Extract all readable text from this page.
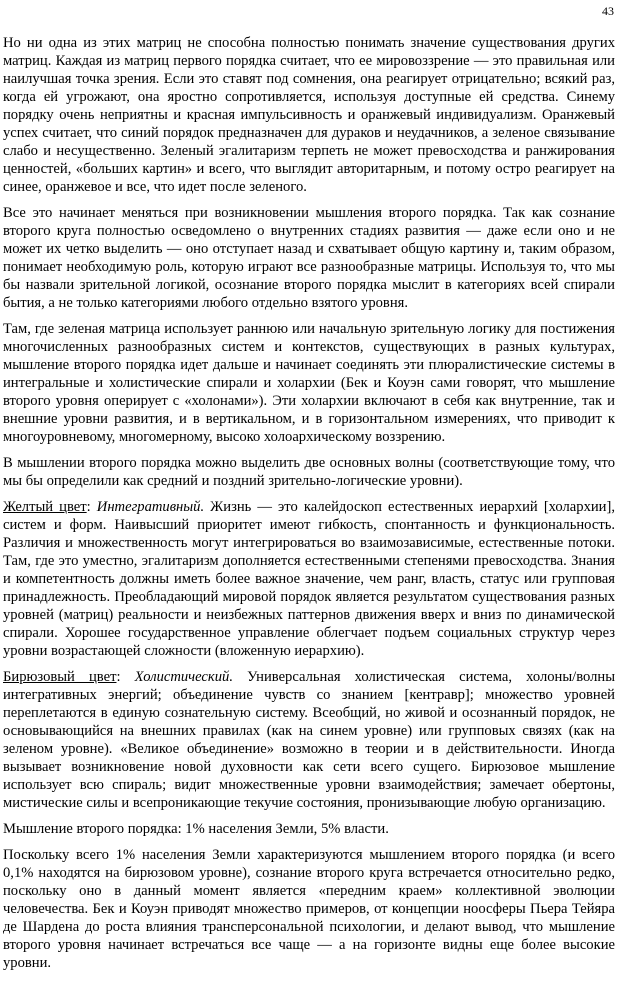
43

Но ни одна из этих матриц не способна полностью понимать значение существования других матриц. Каждая из матриц первого порядка считает, что ее мировоззрение — это правильная или наилучшая точка зрения. Если это ставят под сомнения, она реагирует отрицательно; всякий раз, когда ей угрожают, она яростно сопротивляется, используя доступные ей средства. Синему порядку очень неприятны и красная импульсивность и оранжевый индивидуализм. Оранжевый успех считает, что синий порядок предназначен для дураков и неудачников, а зеленое связывание слабо и несущественно. Зеленый эгалитаризм терпеть не может превосходства и ранжирования ценностей, «больших картин» и всего, что выглядит авторитарным, и потому остро реагирует на синее, оранжевое и все, что идет после зеленого.

Все это начинает меняться при возникновении мышления второго порядка. Так как сознание второго круга полностью осведомлено о внутренних стадиях развития — даже если оно и не может их четко выделить — оно отступает назад и схватывает общую картину и, таким образом, понимает необходимую роль, которую играют все разнообразные матрицы. Используя то, что мы бы назвали зрительной логикой, осознание второго порядка мыслит в категориях всей спирали бытия, а не только категориями любого отдельно взятого уровня.

Там, где зеленая матрица использует раннюю или начальную зрительную логику для постижения многочисленных разнообразных систем и контекстов, существующих в разных культурах, мышление второго порядка идет дальше и начинает соединять эти плюралистические системы в интегральные и холистические спирали и холархии (Бек и Коуэн сами говорят, что мышление второго уровня оперирует с «холонами»). Эти холархии включают в себя как внутренние, так и внешние уровни развития, и в вертикальном, и в горизонтальном измерениях, что приводит к многоуровневому, многомерному, высоко холоархическому воззрению.

В мышлении второго порядка можно выделить две основных волны (соответствующие тому, что мы бы определили как средний и поздний зрительно-логические уровни).

Желтый цвет: Интегративный. Жизнь — это калейдоскоп естественных иерархий [холархии], систем и форм. Наивысший приоритет имеют гибкость, спонтанность и функциональность. Различия и множественность могут интегрироваться во взаимозависимые, естественные потоки. Там, где это уместно, эгалитаризм дополняется естественными степенями превосходства. Знания и компетентность должны иметь более важное значение, чем ранг, власть, статус или групповая принадлежность. Преобладающий мировой порядок является результатом существования разных уровней (матриц) реальности и неизбежных паттернов движения вверх и вниз по динамической спирали. Хорошее государственное управление облегчает подъем социальных структур через уровни возрастающей сложности (вложенную иерархию).

Бирюзовый цвет: Холистический. Универсальная холистическая система, холоны/волны интегративных энергий; объединение чувств со знанием [кентравр]; множество уровней переплетаются в единую сознательную систему. Всеобщий, но живой и осознанный порядок, не основывающийся на внешних правилах (как на синем уровне) или групповых связях (как на зеленом уровне). «Великое объединение» возможно в теории и в действительности. Иногда вызывает возникновение новой духовности как сети всего сущего. Бирюзовое мышление использует всю спираль; видит множественные уровни взаимодействия; замечает обертоны, мистические силы и всепроникающие текучие состояния, пронизывающие любую организацию.

Мышление второго порядка: 1% населения Земли, 5% власти.

Поскольку всего 1% населения Земли характеризуются мышлением второго порядка (и всего 0,1% находятся на бирюзовом уровне), сознание второго круга встречается относительно редко, поскольку оно в данный момент является «передним краем» коллективной эволюции человечества. Бек и Коуэн приводят множество примеров, от концепции ноосферы Пьера Тейяра де Шардена до роста влияния трансперсональной психологии, и делают вывод, что мышление второго уровня начинает встречаться все чаще — а на горизонте видны еще более высокие уровни.
